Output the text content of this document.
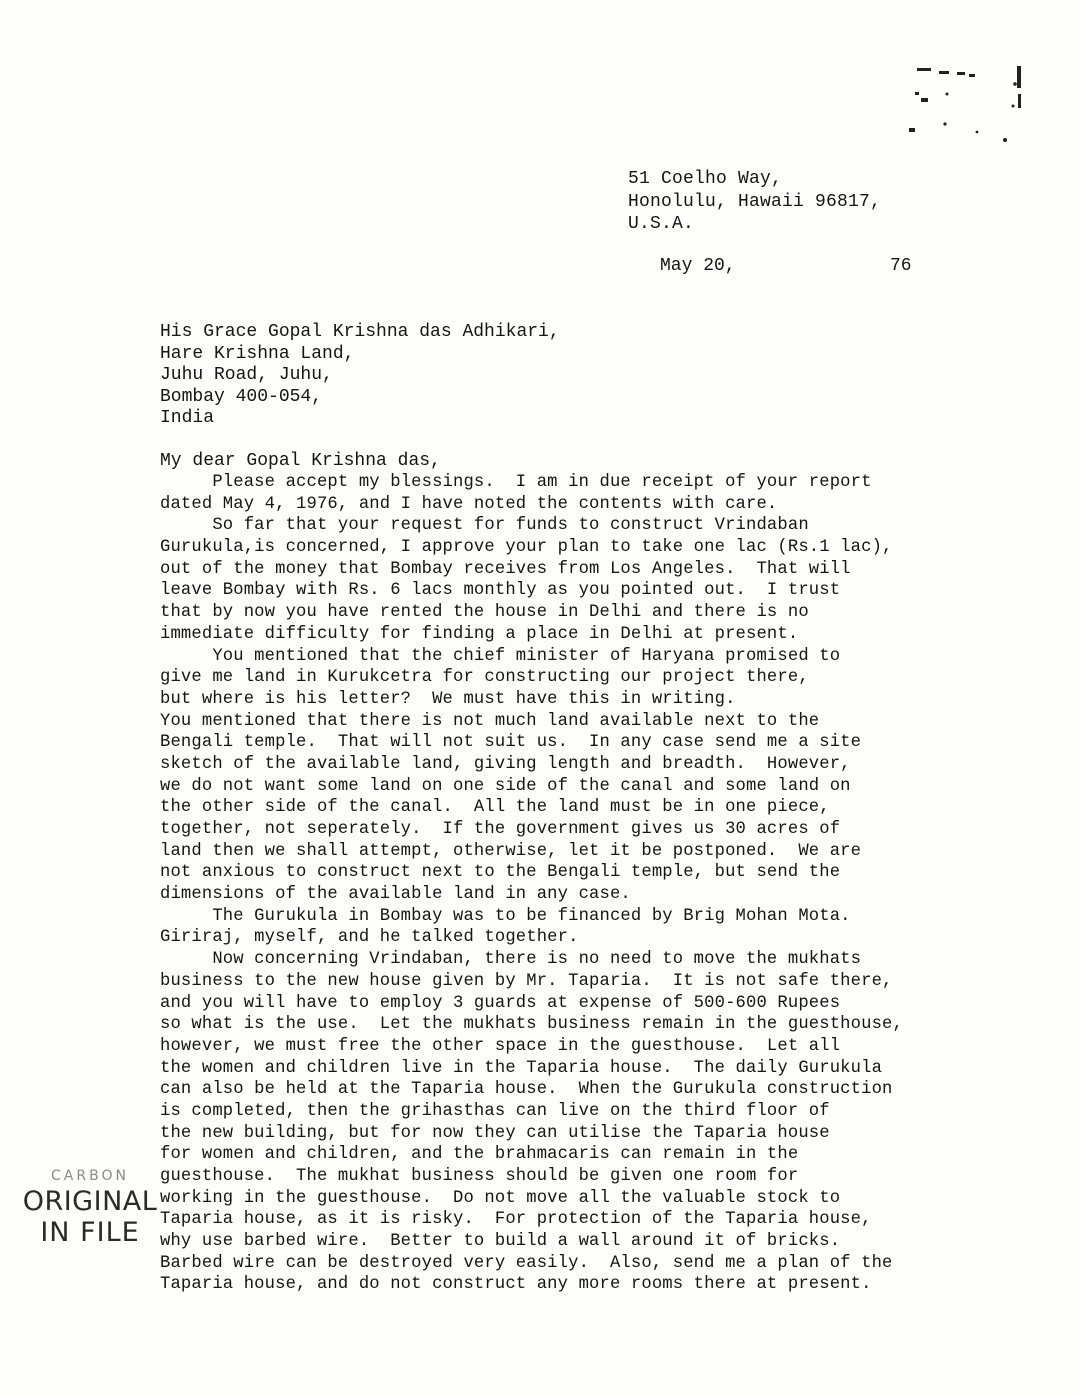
51 Coelho Way,
Honolulu, Hawaii 96817,
U.S.A.
May 20,	76
His Grace Gopal Krishna das Adhikari,
Hare Krishna Land,
Juhu Road, Juhu,
Bombay 400-054,
India
My dear Gopal Krishna das,
Please accept my blessings.  I am in due receipt of your report
dated May 4, 1976, and I have noted the contents with care.
So far that your request for funds to construct Vrindaban
Gurukula,is concerned, I approve your plan to take one lac (Rs.1 lac),
out of the money that Bombay receives from Los Angeles.  That will
leave Bombay with Rs. 6 lacs monthly as you pointed out.  I trust
that by now you have rented the house in Delhi and there is no
immediate difficulty for finding a place in Delhi at present.
You mentioned that the chief minister of Haryana promised to
give me land in Kurukcetra for constructing our project there,
but where is his letter?  We must have this in writing.
You mentioned that there is not much land available next to the
Bengali temple.  That will not suit us.  In any case send me a site
sketch of the available land, giving length and breadth.  However,
we do not want some land on one side of the canal and some land on
the other side of the canal.  All the land must be in one piece,
together, not seperately.  If the government gives us 30 acres of
land then we shall attempt, otherwise, let it be postponed.  We are
not anxious to construct next to the Bengali temple, but send the
dimensions of the available land in any case.
The Gurukula in Bombay was to be financed by Brig Mohan Mota.
Giriraj, myself, and he talked together.
Now concerning Vrindaban, there is no need to move the mukhats
business to the new house given by Mr. Taparia.  It is not safe there,
and you will have to employ 3 guards at expense of 500-600 Rupees
so what is the use.  Let the mukhats business remain in the guesthouse,
however, we must free the other space in the guesthouse.  Let all
the women and children live in the Taparia house.  The daily Gurukula
can also be held at the Taparia house.  When the Gurukula construction
is completed, then the grihasthas can live on the third floor of
the new building, but for now they can utilise the Taparia house
for women and children, and the brahmacaris can remain in the
guesthouse.  The mukhat business should be given one room for
working in the guesthouse.  Do not move all the valuable stock to
Taparia house, as it is risky.  For protection of the Taparia house,
why use barbed wire.  Better to build a wall around it of bricks.
Barbed wire can be destroyed very easily.  Also, send me a plan of the
Taparia house, and do not construct any more rooms there at present.
CARBON
ORIGINAL
IN FILE
